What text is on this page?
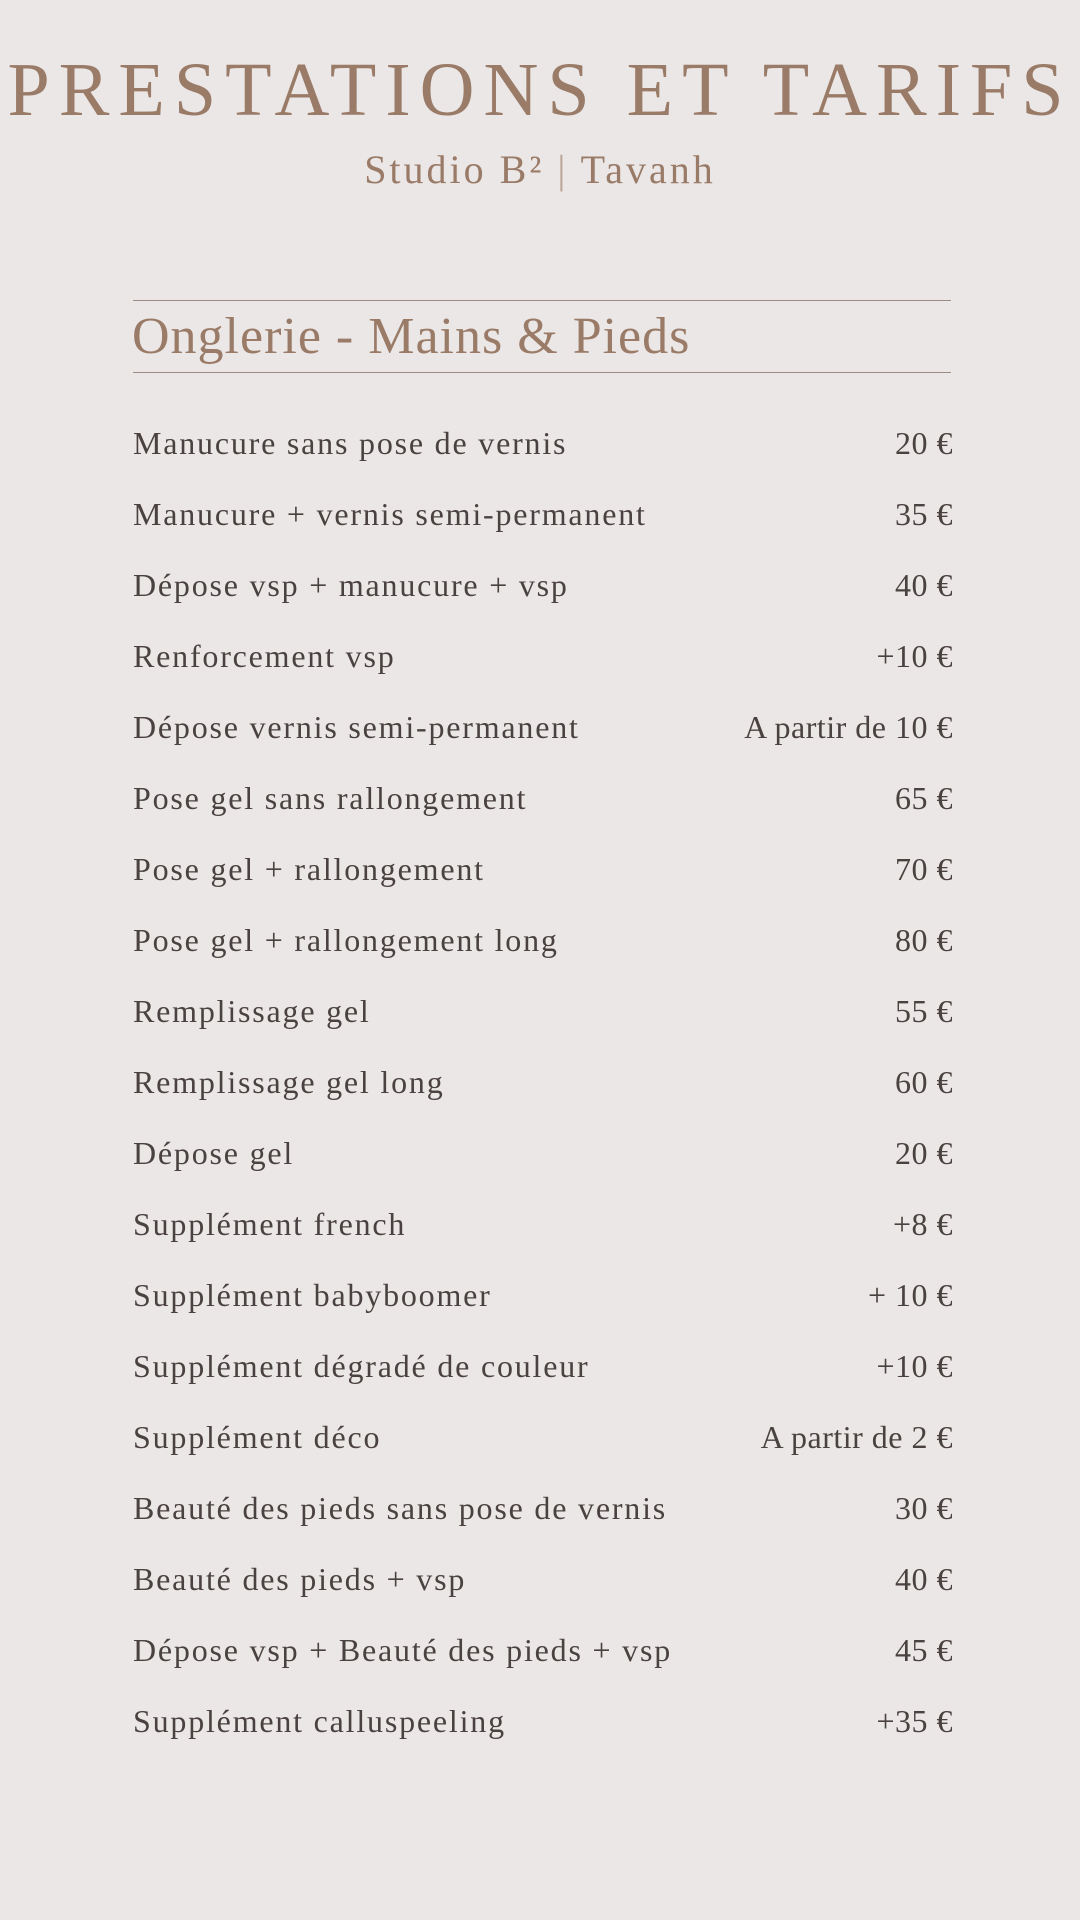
PRESTATIONS ET TARIFS
Studio B² | Tavanh
Onglerie - Mains & Pieds
Manucure sans pose de vernis	20 €
Manucure + vernis semi-permanent	35 €
Dépose vsp + manucure + vsp	40 €
Renforcement vsp	+10 €
Dépose vernis semi-permanent	A partir de 10 €
Pose gel sans rallongement	65 €
Pose gel + rallongement	70 €
Pose gel + rallongement long	80 €
Remplissage gel	55 €
Remplissage gel long	60 €
Dépose gel	20 €
Supplément french	+8 €
Supplément babyboomer	+ 10 €
Supplément dégradé de couleur	+10 €
Supplément déco	A partir de 2 €
Beauté des pieds sans pose de vernis	30 €
Beauté des pieds + vsp	40 €
Dépose vsp + Beauté des pieds + vsp	45 €
Supplément calluspeeling	+35 €
